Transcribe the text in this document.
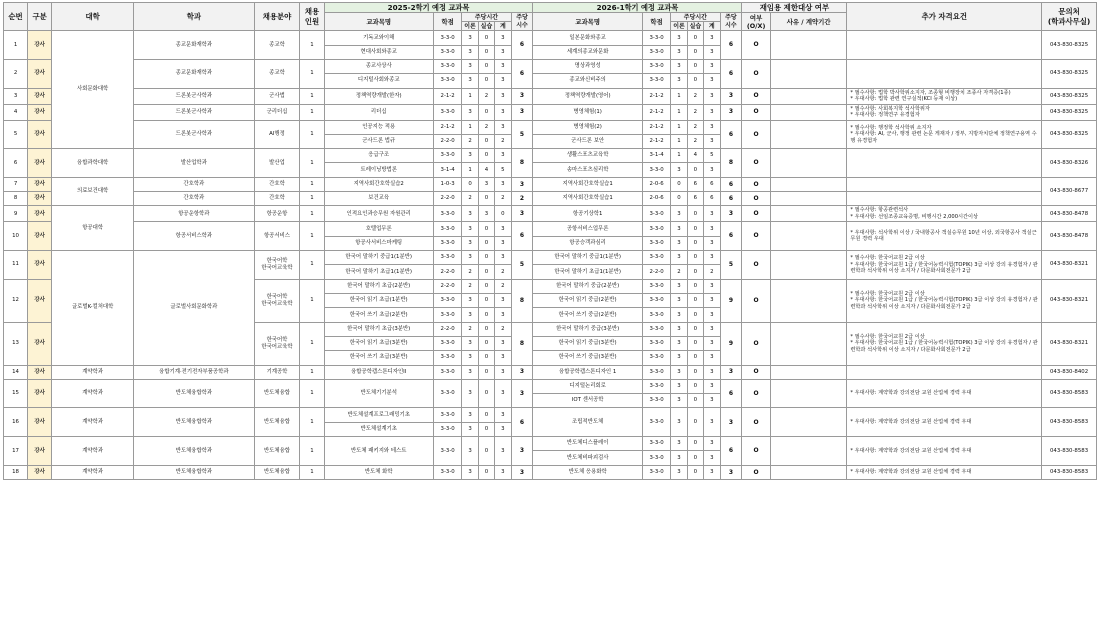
순번	구분	대학	학과	채용분야	채용
인원	2025-2학기 예정 교과목						2026-1학기 예정 교과목						재임용 제한대상 여부		추가 자격요건	문의처
(학과사무실)
						교과목명	학점	주당시간			주당
시수	교과목명	학점	주당시간			주당
시수	여부
(O/X)	사유 / 계약기간		
								이론	실습	계				이론	실습	계					
1	강사	사회문화대학	종교문화재학과	종교학	1	기독교와이해	3-3-0	3	0	3	6	일본문화와종교	3-3-0	3	0	3	6	O			043-830-8325
						현대사회와종교	3-3-0	3	0	3		세계의종교와문화	3-3-0	3	0	3					
2	강사		종교문화재학과	종교학	1	종교사상사	3-3-0	3	0	3	6	명상과영성	3-3-0	3	0	3	6	O			043-830-8325
						디지털사회와종교	3-3-0	3	0	3		종교와신비주의	3-3-0	3	0	3					
3	강사		드론봇군사학과	군사법	1	정책역량개발(한자)	2-1-2	1	2	3	3	정책역량개발(영어)	2-1-2	1	2	3	3	O		* 필수사항: 법학 박사학위소지자, 조종형 비행장치 조종사 자격증(1종)
* 우대사항: 법학 관련 연구실적(KCI 등재 이상)	043-830-8325
4	강사		드론봇군사학과	군리더십	1	리더십	3-3-0	3	0	3	3	병영체험(1)	2-1-2	1	2	3	3	O		* 필수사항: 사회복지학 석사학위자
* 우대사항: 정책연구 유경험자	043-830-8325
5	강사		드론봇군사학과	AI행정	1	인공지능 적용	2-1-2	1	2	3	5	병영체험(2)	2-1-2	1	2	3	6	O		* 필수사항: 행정학 석사학위 소지자
* 우대사항: AI, 군사, 행정 관련 논문 게재자 / 정부, 지방자치단체 정책연구용역 수행 유경험자	043-830-8325
						군사드론 법규	2-2-0	2	0	2		군사드론 보안	2-1-2	1	2	3					
6	강사	융합과학대학	발산업학과	발산업	1	응급구조	3-3-0	3	0	3	8	생활스포츠교육학	3-1-4	1	4	5	8	O			043-830-8326
						트레이닝방법론	3-1-4	1	4	5		송마스포츠심리학	3-3-0	3	0	3					
7	강사	의료보건대학	간호학과	간호학	1	지역사회간호학실습2	1-0-3	0	3	3	3	지역사회간호학실습1	2-0-6	0	6	6	6	O			043-830-8677
8	강사		간호학과	간호학	1	보건교육	2-2-0	2	0	2	2	지역사회간호학실습1	2-0-6	0	6	6	6	O			
9	강사	항공대학	항공운항학과	항공운항	1	인적요인과승무원 자원관리	3-3-0	3	3	0	3	항공기상학1	3-3-0	3	0	3	3	O		* 필수사항: 항공관련석사
* 우대사항: 선임조종교육증명, 비행시간 2,000시간이상	043-830-8478
10	강사		항공서비스학과	항공서비스	1	호텔업무론	3-3-0	3	0	3	6	공항서비스업무론	3-3-0	3	0	3	6	O		* 우대사항: 석사학위 이상 / 국내항공사 객실승무원 10년 이상, 외국항공사 객실근무원 경력 우대	043-830-8478
						항공사서비스마케팅	3-3-0	3	0	3		항공승객과심리	3-3-0	3	0	3					
11	강사	글로벌K-컬처대학	글로벌사회문화학과	한국어학
한국어교육학	1	한국어 말하기 중급1(1분반)	3-3-0	3	0	3	5	한국어 말하기 중급1(1분반)	3-3-0	3	0	3	5	O		* 필수사항: 한국어교원 2급 이상
* 우대사항: 한국어교원 1급 / 한국어능력시험(TOPIK) 3급 이상 강의 유경험자 / 관련학과 석사학위 이상 소지자 / 다문화사회전문가 2급	043-830-8321
						한국어 말하기 초급1(1분반)	2-2-0	2	0	2		한국어 말하기 초급1(1분반)	2-2-0	2	0	2					
12	강사			한국어학
한국어교육학	1	한국어 말하기 초급(2분반)	2-2-0	2	0	2	8	한국어 말하기 중급(2분반)	3-3-0	3	0	3	9	O		* 필수사항: 한국어교원 2급 이상
* 우대사항: 한국어교원 1급 / 한국어능력시험(TOPIK) 3급 이상 강의 유경험자 / 관련학과 석사학위 이상 소지자 / 다문화사회전문가 2급	043-830-8321
						한국어 읽기 초급(1분반)	3-3-0	3	0	3		한국어 읽기 중급(2분반)	3-3-0	3	0	3					
						한국어 쓰기 초급(2분반)	3-3-0	3	0	3		한국어 쓰기 중급(2분반)	3-3-0	3	0	3					
13	강사			한국어학
한국어교육학	1	한국어 말하기 초급(3분반)	2-2-0	2	0	2	8	한국어 말하기 중급(3분반)	3-3-0	3	0	3	9	O		* 필수사항: 한국어교원 2급 이상
* 우대사항: 한국어교원 1급 / 한국어능력시험(TOPIK) 3급 이상 강의 유경험자 / 관련학과 석사학위 이상 소지자 / 다문화사회전문가 2급	043-830-8321
						한국어 읽기 초급(3분반)	3-3-0	3	0	3		한국어 읽기 중급(3분반)	3-3-0	3	0	3					
						한국어 쓰기 초급(3분반)	3-3-0	3	0	3		한국어 쓰기 중급(3분반)	3-3-0	3	0	3					
14	강사	계약학과	융합기계·전기전자부품공학과	기계공학	1	융합공학캡스톤디자인II	3-3-0	3	0	3	3	융합공학캡스톤디자인 1	3-3-0	3	0	3	3	O			043-830-8402
15	강사	계약학과	반도체융합학과	반도체융합	1	반도체기기분석	3-3-0	3	0	3	3	디지털논리회로	3-3-0	3	0	3	6	O		* 우대사항: 계약학과 강의전담 교원 산업체 경력 우대	043-830-8583
												IOT 센서공학	3-3-0	3	0	3					
16	강사	계약학과	반도체융합학과	반도체융합	1	반도체설계프로그래밍기초	3-3-0	3	0	3	6	조립적반도체	3-3-0	3	0	3	3	O		* 우대사항: 계약학과 강의전담 교원 산업체 경력 우대	043-830-8583
						반도체설계기초	3-3-0	3	0	3											
17	강사	계약학과	반도체융합학과	반도체융합	1	반도체 패키지와 테스트	3-3-0	3	0	3	3	반도체디스플레이	3-3-0	3	0	3	6	O		* 우대사항: 계약학과 강의전담 교원 산업체 경력 우대	043-830-8583
												반도체비파괴검사	3-3-0	3	0	3					
18	강사	계약학과	반도체융합학과	반도체융합	1	반도체 화학	3-3-0	3	0	3	3	반도체 응용화학	3-3-0	3	0	3	3	O		* 우대사항: 계약학과 강의전담 교원 산업체 경력 우대	043-830-8583
